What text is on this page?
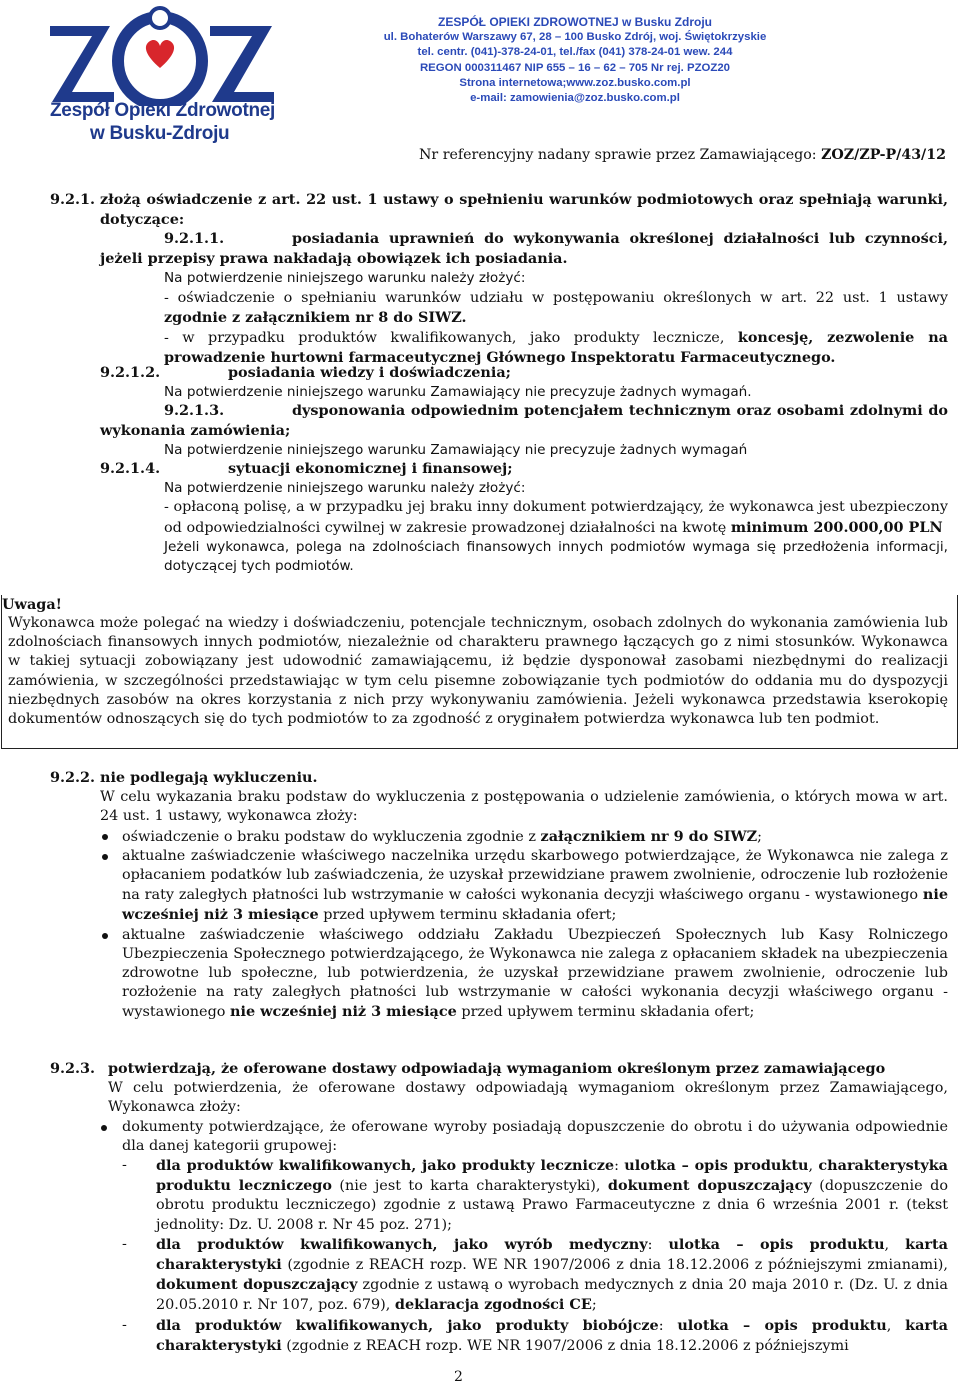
Zespół Opieki Zdrowotnej
w Busku-Zdroju
ZESPÓŁ OPIEKI ZDROWOTNEJ w Busku Zdroju
ul. Bohaterów Warszawy 67, 28 – 100 Busko Zdrój, woj. Świętokrzyskie
tel. centr. (041)-378-24-01, tel./fax (041) 378-24-01 wew. 244
REGON 000311467 NIP 655 – 16 – 62 – 705 Nr rej. PZOZ20
Strona internetowa;www.zoz.busko.com.pl
e-mail: zamowienia@zoz.busko.com.pl
Nr referencyjny nadany sprawie przez Zamawiającego: ZOZ/ZP-P/43/12
9.2.1. złożą oświadczenie z art. 22 ust. 1 ustawy o spełnieniu warunków podmiotowych oraz spełniają warunki, dotyczące:
9.2.1.1.	posiadania uprawnień do wykonywania określonej działalności lub czynności, jeżeli przepisy prawa nakładają obowiązek ich posiadania.
Na potwierdzenie niniejszego warunku należy złożyć:
- oświadczenie o spełnianiu warunków udziału w postępowaniu określonych w art. 22 ust. 1 ustawy zgodnie z załącznikiem nr 8 do SIWZ.
- w przypadku produktów kwalifikowanych, jako produkty lecznicze, koncesję, zezwolenie na prowadzenie hurtowni farmaceutycznej Głównego Inspektoratu Farmaceutycznego.
9.2.1.2.	posiadania wiedzy i doświadczenia;
Na potwierdzenie niniejszego warunku Zamawiający nie precyzuje żadnych wymagań.
9.2.1.3.	dysponowania odpowiednim potencjałem technicznym oraz osobami zdolnymi do wykonania zamówienia;
Na potwierdzenie niniejszego warunku Zamawiający nie precyzuje żadnych wymagań
9.2.1.4.	sytuacji ekonomicznej i finansowej;
Na potwierdzenie niniejszego warunku należy złożyć:
- opłaconą polisę, a w przypadku jej braku inny dokument potwierdzający, że wykonawca jest ubezpieczony od odpowiedzialności cywilnej w zakresie prowadzonej działalności na kwotę minimum 200.000,00 PLN
Jeżeli wykonawca, polega na zdolnościach finansowych innych podmiotów wymaga się przedłożenia informacji, dotyczącej tych podmiotów.
Uwaga!
Wykonawca może polegać na wiedzy i doświadczeniu, potencjale technicznym, osobach zdolnych do wykonania zamówienia lub zdolnościach finansowych innych podmiotów, niezależnie od charakteru prawnego łączących go z nimi stosunków. Wykonawca w takiej sytuacji zobowiązany jest udowodnić zamawiającemu, iż będzie dysponował zasobami niezbędnymi do realizacji zamówienia, w szczególności przedstawiając w tym celu pisemne zobowiązanie tych podmiotów do oddania mu do dyspozycji niezbędnych zasobów na okres korzystania z nich przy wykonywaniu zamówienia. Jeżeli wykonawca przedstawia kserokopię dokumentów odnoszących się do tych podmiotów to za zgodność z oryginałem potwierdza wykonawca lub ten podmiot.
9.2.2. nie podlegają wykluczeniu.
W celu wykazania braku podstaw do wykluczenia z postępowania o udzielenie zamówienia, o których mowa w art. 24 ust. 1 ustawy, wykonawca złoży:
oświadczenie o braku podstaw do wykluczenia zgodnie z załącznikiem nr 9 do SIWZ;
aktualne zaświadczenie właściwego naczelnika urzędu skarbowego potwierdzające, że Wykonawca nie zalega z opłacaniem podatków lub zaświadczenia, że uzyskał przewidziane prawem zwolnienie, odroczenie lub rozłożenie na raty zaległych płatności lub wstrzymanie w całości wykonania decyzji właściwego organu - wystawionego nie wcześniej niż 3 miesiące przed upływem terminu składania ofert;
aktualne zaświadczenie właściwego oddziału Zakładu Ubezpieczeń Społecznych lub Kasy Rolniczego Ubezpieczenia Społecznego potwierdzającego, że Wykonawca nie zalega z opłacaniem składek na ubezpieczenia zdrowotne lub społeczne, lub potwierdzenia, że uzyskał przewidziane prawem zwolnienie, odroczenie lub rozłożenie na raty zaległych płatności lub wstrzymanie w całości wykonania decyzji właściwego organu - wystawionego nie wcześniej niż 3 miesiące przed upływem terminu składania ofert;
9.2.3. potwierdzają, że oferowane dostawy odpowiadają wymaganiom określonym przez zamawiającego
W celu potwierdzenia, że oferowane dostawy odpowiadają wymaganiom określonym przez Zamawiającego, Wykonawca złoży:
dokumenty potwierdzające, że oferowane wyroby posiadają dopuszczenie do obrotu i do używania odpowiednie dla danej kategorii grupowej:
- dla produktów kwalifikowanych, jako produkty lecznicze: ulotka – opis produktu, charakterystyka produktu leczniczego (nie jest to karta charakterystyki), dokument dopuszczający (dopuszczenie do obrotu produktu leczniczego) zgodnie z ustawą Prawo Farmaceutyczne z dnia 6 września 2001 r. (tekst jednolity: Dz. U. 2008 r. Nr 45 poz. 271);
- dla produktów kwalifikowanych, jako wyrób medyczny: ulotka – opis produktu, karta charakterystyki (zgodnie z REACH rozp. WE NR 1907/2006 z dnia 18.12.2006 z późniejszymi zmianami), dokument dopuszczający zgodnie z ustawą o wyrobach medycznych z dnia 20 maja 2010 r. (Dz. U. z dnia 20.05.2010 r. Nr 107, poz. 679), deklaracja zgodności CE;
- dla produktów kwalifikowanych, jako produkty biobójcze: ulotka – opis produktu, karta charakterystyki (zgodnie z REACH rozp. WE NR 1907/2006 z dnia 18.12.2006 z późniejszymi
2
